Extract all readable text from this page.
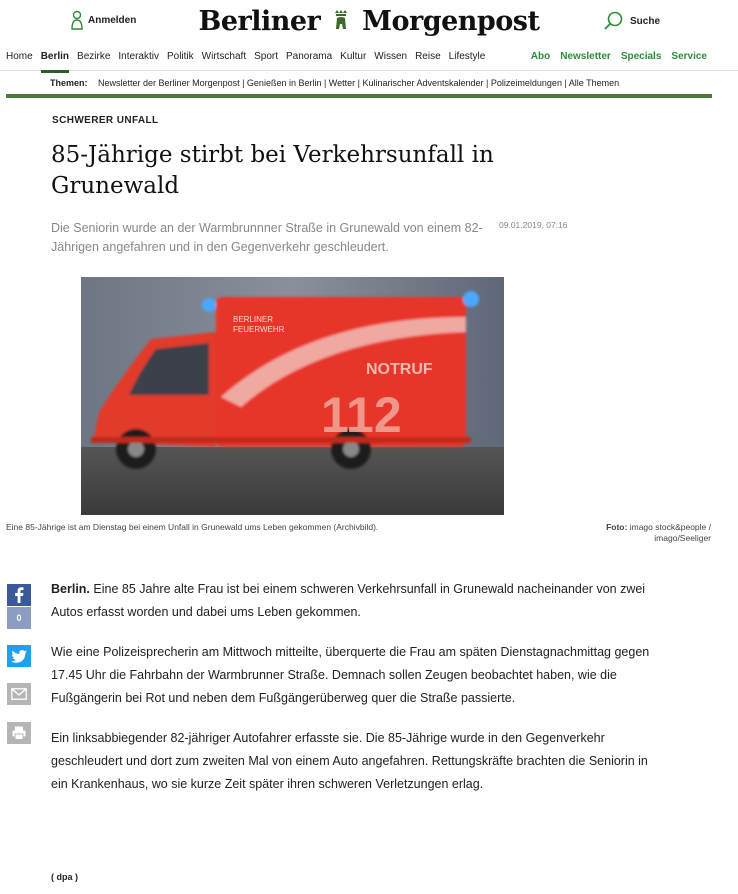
Anmelden	Berliner Morgenpost	Suche
Home Berlin Bezirke Interaktiv Politik Wirtschaft Sport Panorama Kultur Wissen Reise Lifestyle	Abo Newsletter Specials Service
Themen: Newsletter der Berliner Morgenpost | Genießen in Berlin | Wetter | Kulinarischer Adventskalender | Polizeimeldungen | Alle Themen
SCHWERER UNFALL
85-Jährige stirbt bei Verkehrsunfall in Grunewald
Die Seniorin wurde an der Warmbrunnner Straße in Grunewald von einem 82-Jährigen angefahren und in den Gegenverkehr geschleudert.
09.01.2019, 07:16
BERLINER
FEUERWEHR
NOTRUF
112
Eine 85-Jährige ist am Dienstag bei einem Unfall in Grunewald ums Leben gekommen (Archivbild).	Foto: imago stock&people / imago/Seeliger
0

Berlin. Eine 85 Jahre alte Frau ist bei einem schweren Verkehrsunfall in Grunewald nacheinander von zwei Autos erfasst worden und dabei ums Leben gekommen.

Wie eine Polizeisprecherin am Mittwoch mitteilte, überquerte die Frau am späten Dienstagnachmittag gegen 17.45 Uhr die Fahrbahn der Warmbrunner Straße. Demnach sollen Zeugen beobachtet haben, wie die Fußgängerin bei Rot und neben dem Fußgängerüberweg quer die Straße passierte.

Ein linksabbiegender 82-jähriger Autofahrer erfasste sie. Die 85-Jährige wurde in den Gegenverkehr geschleudert und dort zum zweiten Mal von einem Auto angefahren. Rettungskräfte brachten die Seniorin in ein Krankenhaus, wo sie kurze Zeit später ihren schweren Verletzungen erlag.

( dpa )
